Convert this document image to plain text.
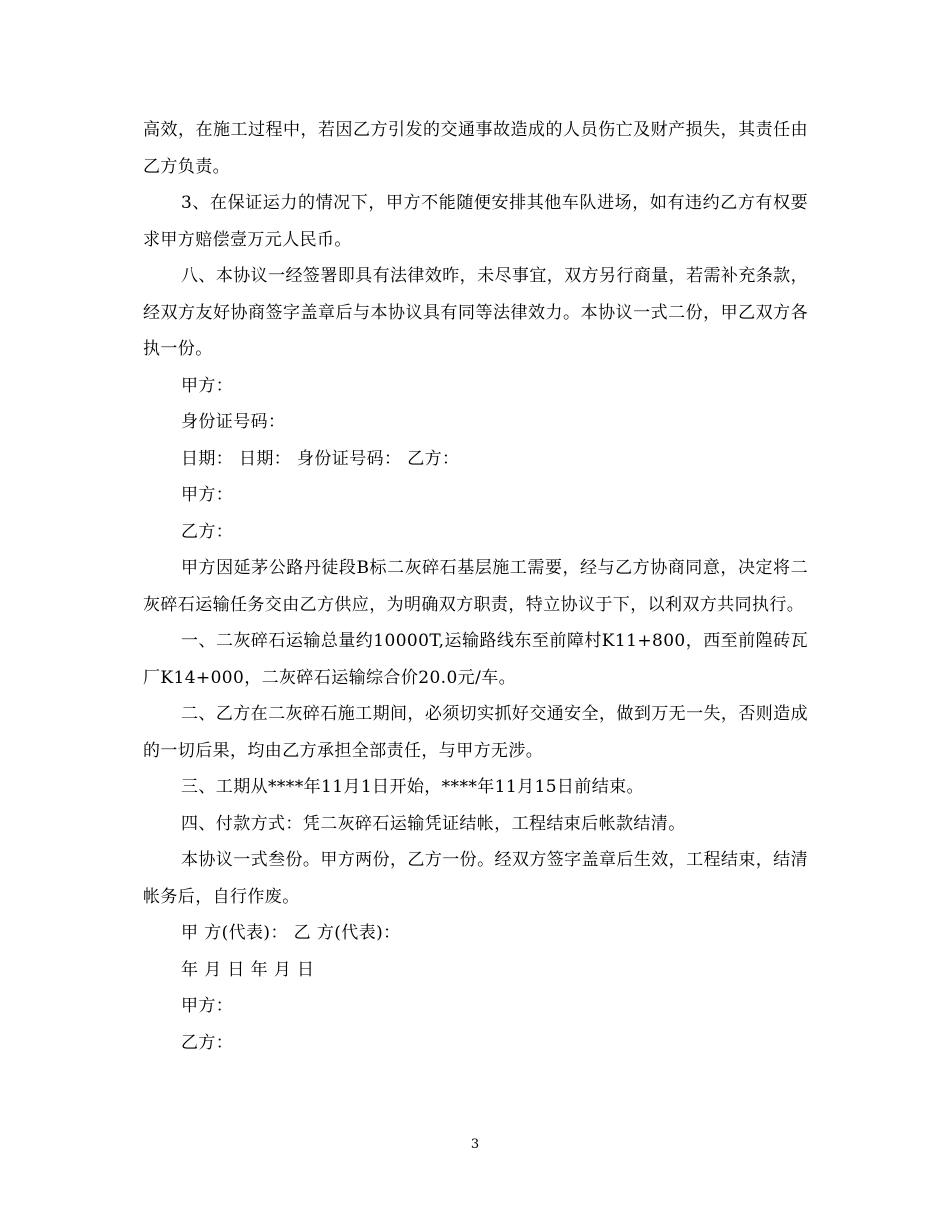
高效，在施工过程中，若因乙方引发的交通事故造成的人员伤亡及财产损失，其责任由乙方负责。

3、在保证运力的情况下，甲方不能随便安排其他车队进场，如有违约乙方有权要求甲方赔偿壹万元人民币。

八、本协议一经签署即具有法律效昨，未尽事宜，双方另行商量，若需补充条款，经双方友好协商签字盖章后与本协议具有同等法律效力。本协议一式二份，甲乙双方各执一份。

甲方：

身份证号码：

日期： 日期： 身份证号码： 乙方：

甲方：

乙方：

甲方因延茅公路丹徒段B标二灰碎石基层施工需要，经与乙方协商同意，决定将二灰碎石运输任务交由乙方供应，为明确双方职责，特立协议于下，以利双方共同执行。

一、二灰碎石运输总量约10000T,运输路线东至前障村K11+800，西至前隍砖瓦厂K14+000，二灰碎石运输综合价20.0元/车。

二、乙方在二灰碎石施工期间，必须切实抓好交通安全，做到万无一失，否则造成的一切后果，均由乙方承担全部责任，与甲方无涉。

三、工期从****年11月1日开始，****年11月15日前结束。

四、付款方式：凭二灰碎石运输凭证结帐，工程结束后帐款结清。

本协议一式叁份。甲方两份，乙方一份。经双方签字盖章后生效，工程结束，结清帐务后，自行作废。

甲 方(代表)： 乙 方(代表)：

年 月 日 年 月 日

甲方：

乙方：

3
